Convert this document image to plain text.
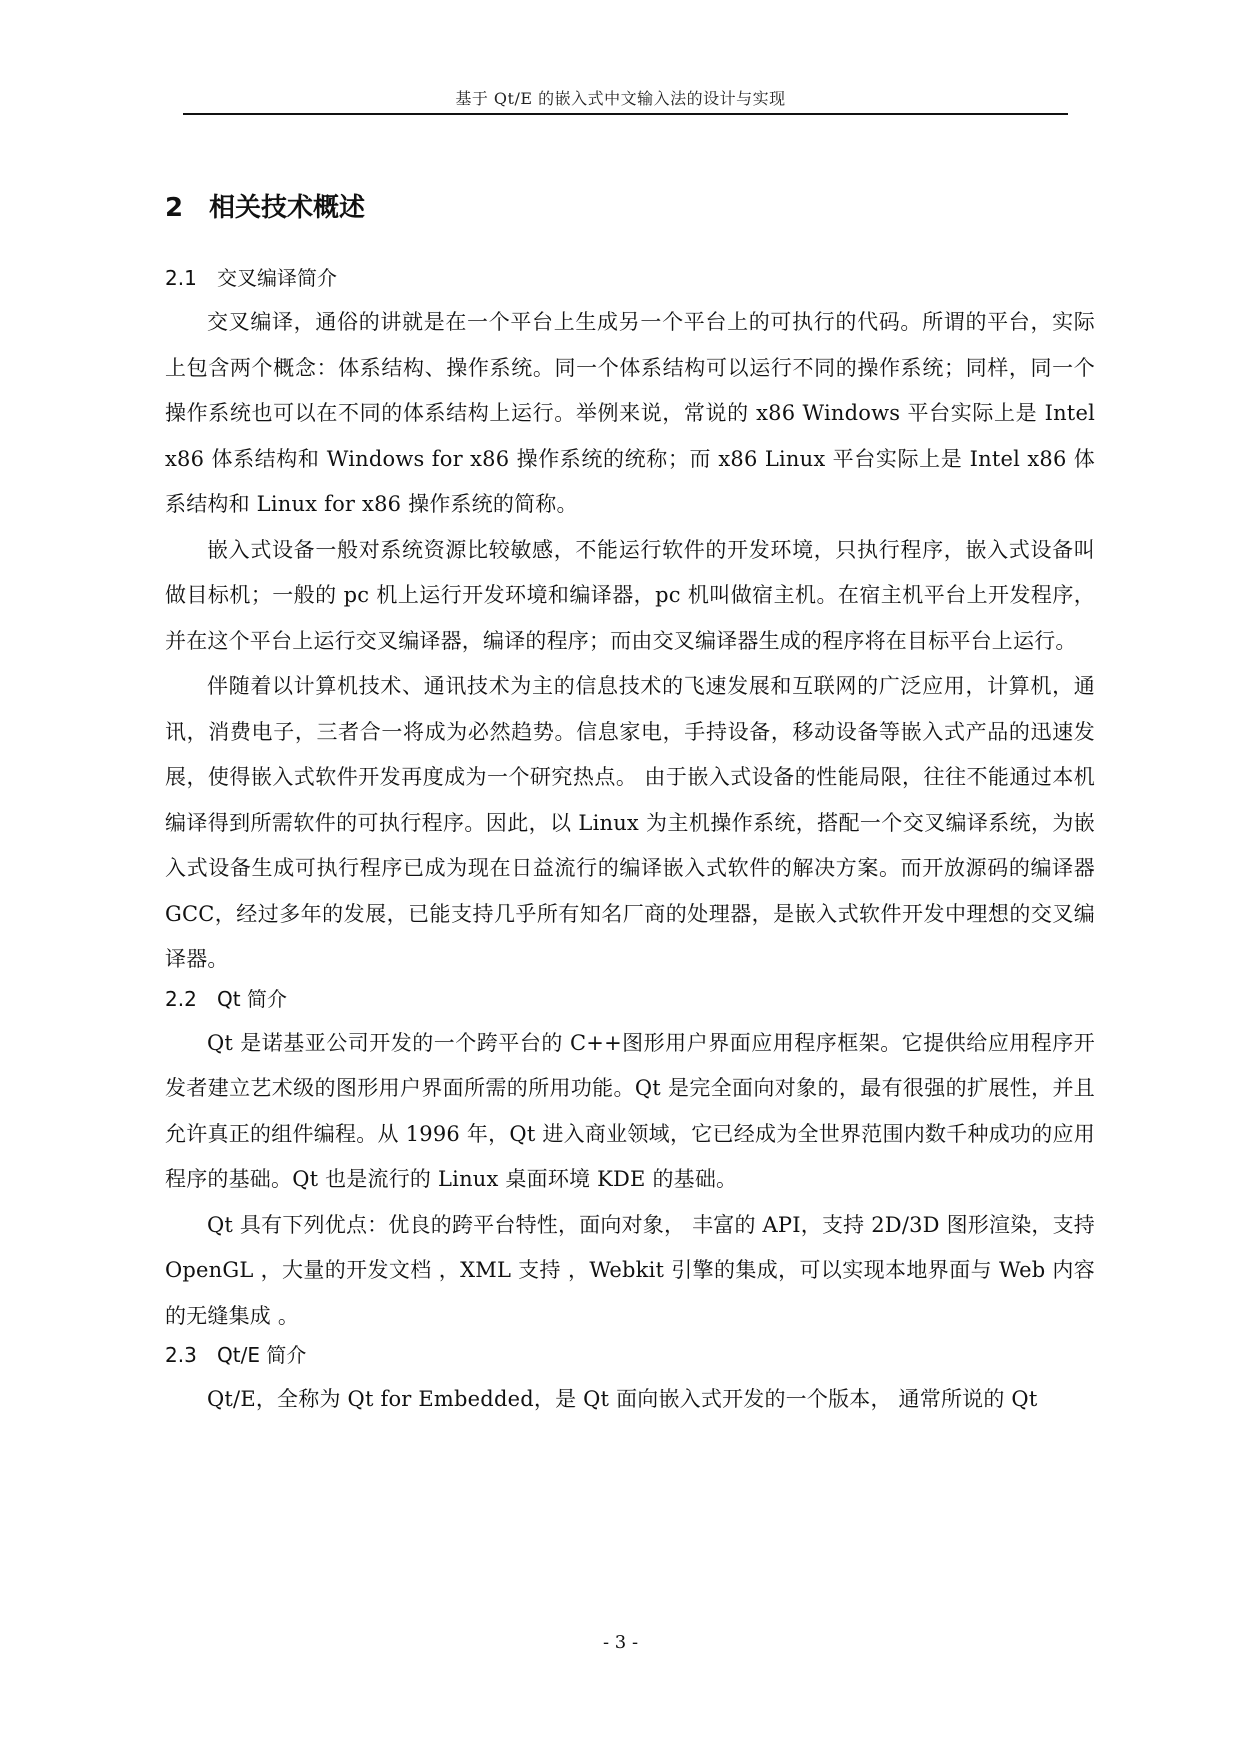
基于 Qt/E 的嵌入式中文输入法的设计与实现
2 相关技术概述
2.1 交叉编译简介

交叉编译，通俗的讲就是在一个平台上生成另一个平台上的可执行的代码。所谓的平台，实际上包含两个概念：体系结构、操作系统。同一个体系结构可以运行不同的操作系统；同样，同一个操作系统也可以在不同的体系结构上运行。举例来说，常说的 x86 Windows 平台实际上是 Intel x86 体系结构和 Windows for x86 操作系统的统称；而 x86 Linux 平台实际上是 Intel x86 体系结构和 Linux for x86 操作系统的简称。

嵌入式设备一般对系统资源比较敏感，不能运行软件的开发环境，只执行程序，嵌入式设备叫做目标机；一般的 pc 机上运行开发环境和编译器，pc 机叫做宿主机。在宿主机平台上开发程序，并在这个平台上运行交叉编译器，编译的程序；而由交叉编译器生成的程序将在目标平台上运行。

伴随着以计算机技术、通讯技术为主的信息技术的飞速发展和互联网的广泛应用，计算机，通讯，消费电子，三者合一将成为必然趋势。信息家电，手持设备，移动设备等嵌入式产品的迅速发展，使得嵌入式软件开发再度成为一个研究热点。 由于嵌入式设备的性能局限，往往不能通过本机编译得到所需软件的可执行程序。因此，以 Linux 为主机操作系统，搭配一个交叉编译系统，为嵌入式设备生成可执行程序已成为现在日益流行的编译嵌入式软件的解决方案。而开放源码的编译器 GCC，经过多年的发展，已能支持几乎所有知名厂商的处理器，是嵌入式软件开发中理想的交叉编译器。

2.2 Qt 简介

Qt 是诺基亚公司开发的一个跨平台的 C++图形用户界面应用程序框架。它提供给应用程序开发者建立艺术级的图形用户界面所需的所用功能。Qt 是完全面向对象的，最有很强的扩展性，并且允许真正的组件编程。从 1996 年，Qt 进入商业领域，它已经成为全世界范围内数千种成功的应用程序的基础。Qt 也是流行的 Linux 桌面环境 KDE 的基础。

Qt 具有下列优点：优良的跨平台特性，面向对象， 丰富的 API，支持 2D/3D 图形渲染，支持 OpenGL ，大量的开发文档 ，XML 支持 ，Webkit 引擎的集成，可以实现本地界面与 Web 内容的无缝集成 。

2.3 Qt/E 简介

Qt/E，全称为 Qt for Embedded，是 Qt 面向嵌入式开发的一个版本， 通常所说的 Qt

- 3 -
